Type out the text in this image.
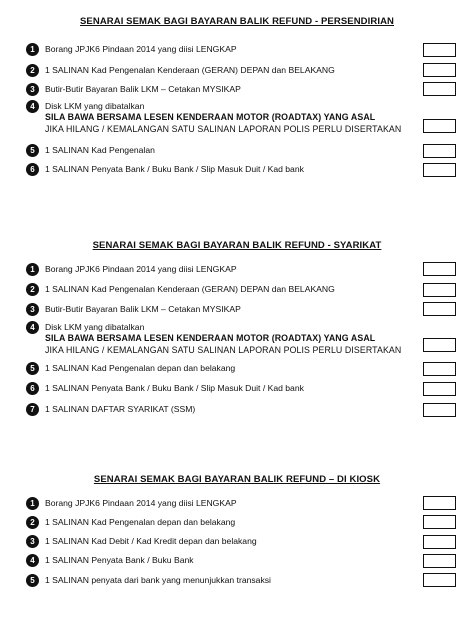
SENARAI SEMAK BAGI BAYARAN BALIK REFUND - PERSENDIRIAN
1	Borang JPJK6 Pindaan 2014 yang diisi LENGKAP
2	1 SALINAN Kad Pengenalan Kenderaan (GERAN) DEPAN dan BELAKANG
3	Butir-Butir Bayaran Balik LKM – Cetakan MYSIKAP
4	Disk LKM yang dibatalkan
SILA BAWA BERSAMA LESEN KENDERAAN MOTOR (ROADTAX) YANG ASAL
JIKA HILANG / KEMALANGAN SATU SALINAN LAPORAN POLIS PERLU DISERTAKAN
5	1 SALINAN Kad Pengenalan
6	1 SALINAN Penyata Bank / Buku Bank / Slip Masuk Duit / Kad bank
SENARAI SEMAK BAGI BAYARAN BALIK REFUND - SYARIKAT
1	Borang JPJK6 Pindaan 2014 yang diisi LENGKAP
2	1 SALINAN Kad Pengenalan Kenderaan (GERAN) DEPAN dan BELAKANG
3	Butir-Butir Bayaran Balik LKM – Cetakan MYSIKAP
4	Disk LKM yang dibatalkan
SILA BAWA BERSAMA LESEN KENDERAAN MOTOR (ROADTAX) YANG ASAL
JIKA HILANG / KEMALANGAN SATU SALINAN LAPORAN POLIS PERLU DISERTAKAN
5	1 SALINAN Kad Pengenalan depan dan belakang
6	1 SALINAN Penyata Bank / Buku Bank / Slip Masuk Duit / Kad bank
7	1 SALINAN DAFTAR SYARIKAT (SSM)
SENARAI SEMAK BAGI BAYARAN BALIK REFUND – DI KIOSK
1	Borang JPJK6 Pindaan 2014 yang diisi LENGKAP
2	1 SALINAN Kad Pengenalan depan dan belakang
3	1 SALINAN Kad Debit / Kad Kredit depan dan belakang
4	1 SALINAN Penyata Bank / Buku Bank
5	1 SALINAN penyata dari bank yang menunjukkan transaksi
